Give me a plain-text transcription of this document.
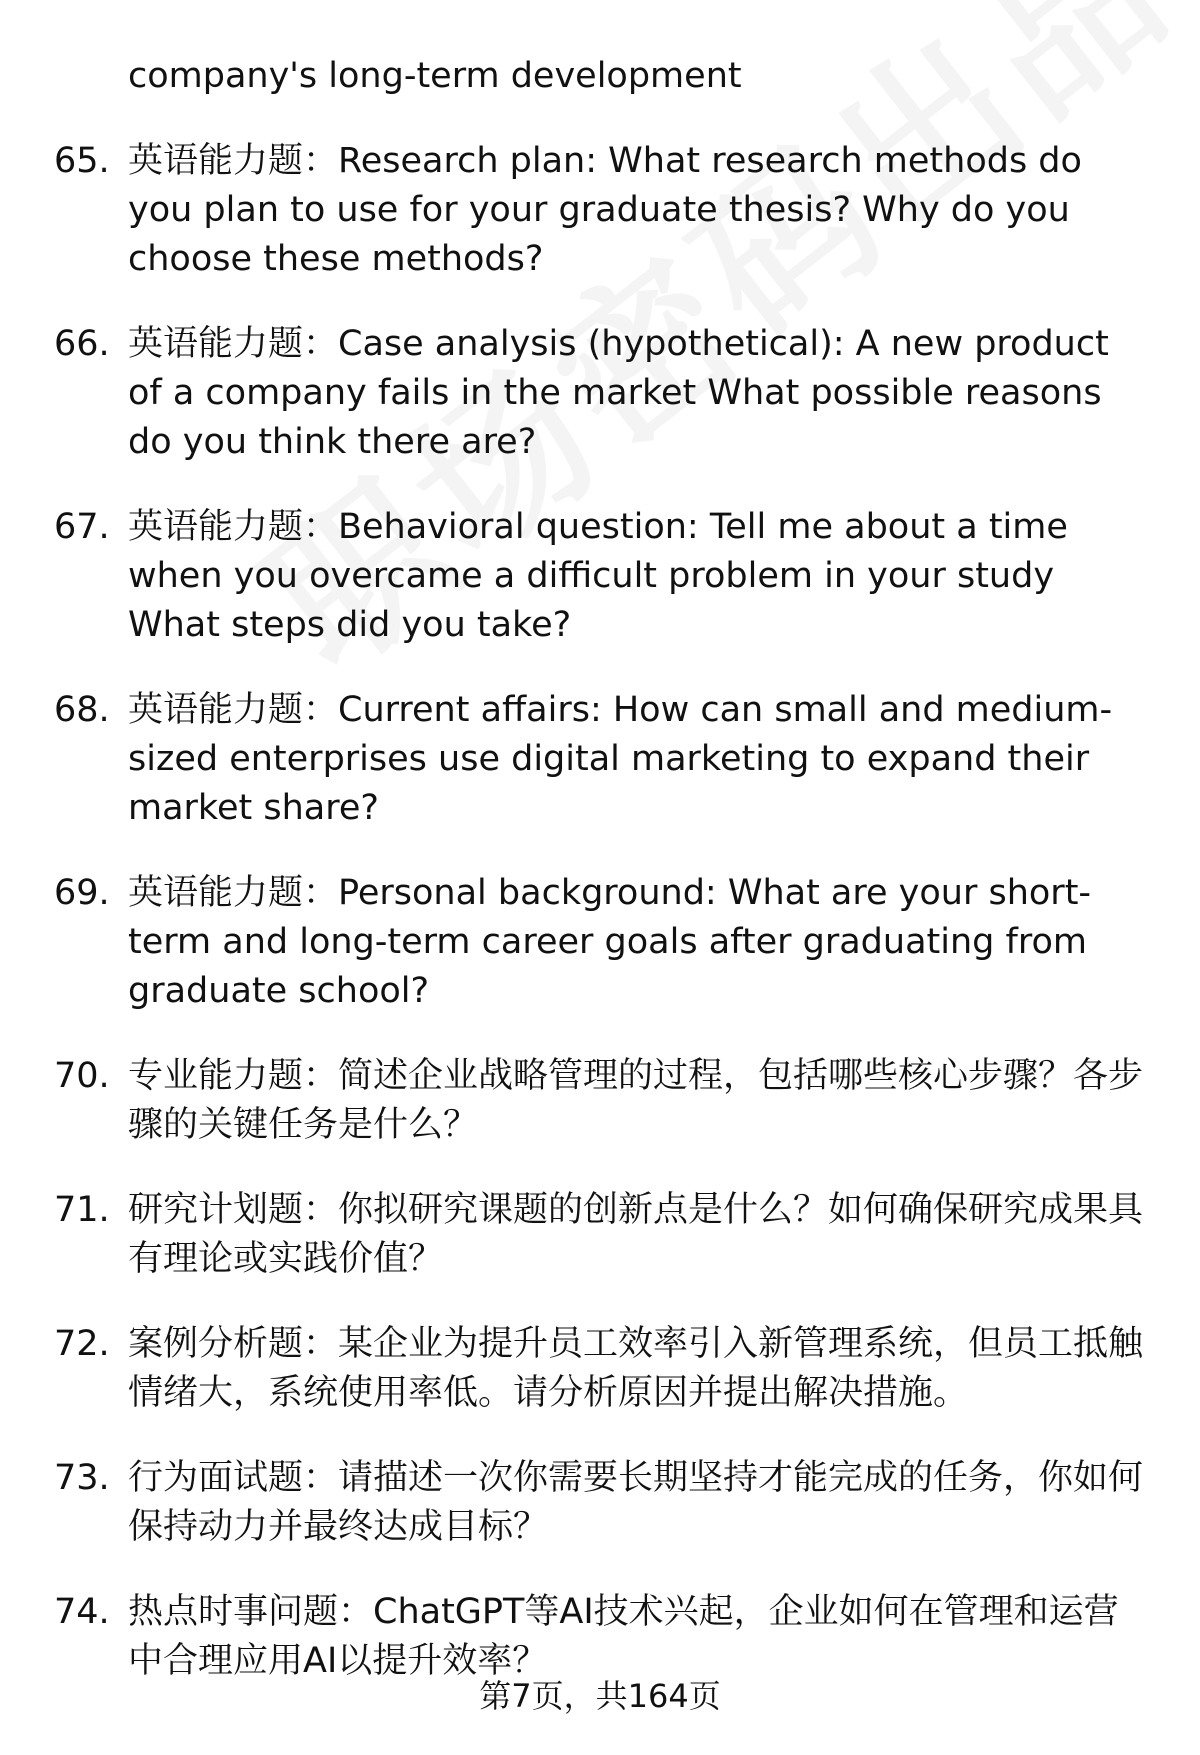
company's long-term development
65. 英语能力题：Research plan: What research methods do you plan to use for your graduate thesis? Why do you choose these methods?
66. 英语能力题：Case analysis (hypothetical): A new product of a company fails in the market What possible reasons do you think there are?
67. 英语能力题：Behavioral question: Tell me about a time when you overcame a difficult problem in your study What steps did you take?
68. 英语能力题：Current affairs: How can small and medium-sized enterprises use digital marketing to expand their market share?
69. 英语能力题：Personal background: What are your short-term and long-term career goals after graduating from graduate school?
70. 专业能力题：简述企业战略管理的过程，包括哪些核心步骤？各步骤的关键任务是什么？
71. 研究计划题：你拟研究课题的创新点是什么？如何确保研究成果具有理论或实践价值？
72. 案例分析题：某企业为提升员工效率引入新管理系统，但员工抵触情绪大，系统使用率低。请分析原因并提出解决措施。
73. 行为面试题：请描述一次你需要长期坚持才能完成的任务，你如何保持动力并最终达成目标？
74. 热点时事问题：ChatGPT等AI技术兴起，企业如何在管理和运营中合理应用AI以提升效率？
第7页，共164页
